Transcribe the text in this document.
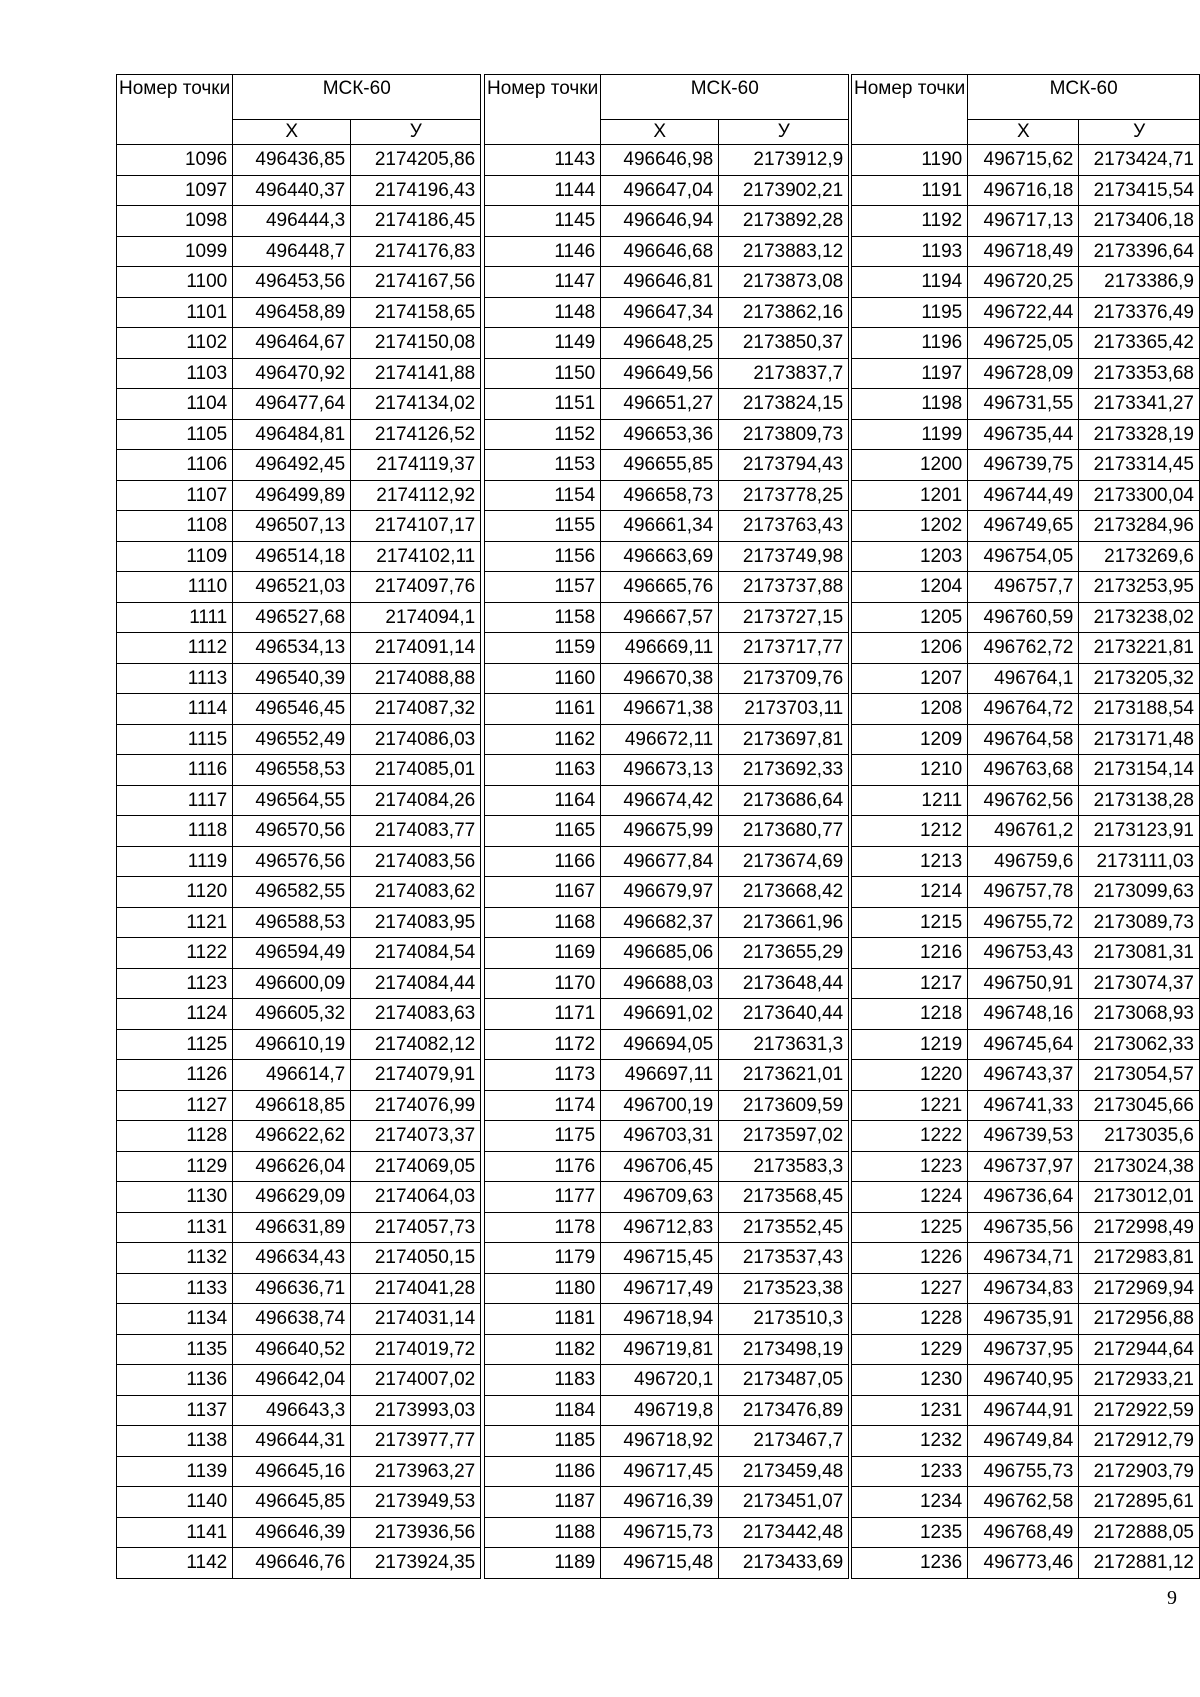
Номер точки	МСК-60	
	Х	У
1096	496436,85	2174205,86
1097	496440,37	2174196,43
1098	496444,3	2174186,45
1099	496448,7	2174176,83
1100	496453,56	2174167,56
1101	496458,89	2174158,65
1102	496464,67	2174150,08
1103	496470,92	2174141,88
1104	496477,64	2174134,02
1105	496484,81	2174126,52
1106	496492,45	2174119,37
1107	496499,89	2174112,92
1108	496507,13	2174107,17
1109	496514,18	2174102,11
1110	496521,03	2174097,76
1111	496527,68	2174094,1
1112	496534,13	2174091,14
1113	496540,39	2174088,88
1114	496546,45	2174087,32
1115	496552,49	2174086,03
1116	496558,53	2174085,01
1117	496564,55	2174084,26
1118	496570,56	2174083,77
1119	496576,56	2174083,56
1120	496582,55	2174083,62
1121	496588,53	2174083,95
1122	496594,49	2174084,54
1123	496600,09	2174084,44
1124	496605,32	2174083,63
1125	496610,19	2174082,12
1126	496614,7	2174079,91
1127	496618,85	2174076,99
1128	496622,62	2174073,37
1129	496626,04	2174069,05
1130	496629,09	2174064,03
1131	496631,89	2174057,73
1132	496634,43	2174050,15
1133	496636,71	2174041,28
1134	496638,74	2174031,14
1135	496640,52	2174019,72
1136	496642,04	2174007,02
1137	496643,3	2173993,03
1138	496644,31	2173977,77
1139	496645,16	2173963,27
1140	496645,85	2173949,53
1141	496646,39	2173936,56
1142	496646,76	2173924,35
Номер точки	МСК-60	
	Х	У
1143	496646,98	2173912,9
1144	496647,04	2173902,21
1145	496646,94	2173892,28
1146	496646,68	2173883,12
1147	496646,81	2173873,08
1148	496647,34	2173862,16
1149	496648,25	2173850,37
1150	496649,56	2173837,7
1151	496651,27	2173824,15
1152	496653,36	2173809,73
1153	496655,85	2173794,43
1154	496658,73	2173778,25
1155	496661,34	2173763,43
1156	496663,69	2173749,98
1157	496665,76	2173737,88
1158	496667,57	2173727,15
1159	496669,11	2173717,77
1160	496670,38	2173709,76
1161	496671,38	2173703,11
1162	496672,11	2173697,81
1163	496673,13	2173692,33
1164	496674,42	2173686,64
1165	496675,99	2173680,77
1166	496677,84	2173674,69
1167	496679,97	2173668,42
1168	496682,37	2173661,96
1169	496685,06	2173655,29
1170	496688,03	2173648,44
1171	496691,02	2173640,44
1172	496694,05	2173631,3
1173	496697,11	2173621,01
1174	496700,19	2173609,59
1175	496703,31	2173597,02
1176	496706,45	2173583,3
1177	496709,63	2173568,45
1178	496712,83	2173552,45
1179	496715,45	2173537,43
1180	496717,49	2173523,38
1181	496718,94	2173510,3
1182	496719,81	2173498,19
1183	496720,1	2173487,05
1184	496719,8	2173476,89
1185	496718,92	2173467,7
1186	496717,45	2173459,48
1187	496716,39	2173451,07
1188	496715,73	2173442,48
1189	496715,48	2173433,69
Номер точки	МСК-60	
	Х	У
1190	496715,62	2173424,71
1191	496716,18	2173415,54
1192	496717,13	2173406,18
1193	496718,49	2173396,64
1194	496720,25	2173386,9
1195	496722,44	2173376,49
1196	496725,05	2173365,42
1197	496728,09	2173353,68
1198	496731,55	2173341,27
1199	496735,44	2173328,19
1200	496739,75	2173314,45
1201	496744,49	2173300,04
1202	496749,65	2173284,96
1203	496754,05	2173269,6
1204	496757,7	2173253,95
1205	496760,59	2173238,02
1206	496762,72	2173221,81
1207	496764,1	2173205,32
1208	496764,72	2173188,54
1209	496764,58	2173171,48
1210	496763,68	2173154,14
1211	496762,56	2173138,28
1212	496761,2	2173123,91
1213	496759,6	2173111,03
1214	496757,78	2173099,63
1215	496755,72	2173089,73
1216	496753,43	2173081,31
1217	496750,91	2173074,37
1218	496748,16	2173068,93
1219	496745,64	2173062,33
1220	496743,37	2173054,57
1221	496741,33	2173045,66
1222	496739,53	2173035,6
1223	496737,97	2173024,38
1224	496736,64	2173012,01
1225	496735,56	2172998,49
1226	496734,71	2172983,81
1227	496734,83	2172969,94
1228	496735,91	2172956,88
1229	496737,95	2172944,64
1230	496740,95	2172933,21
1231	496744,91	2172922,59
1232	496749,84	2172912,79
1233	496755,73	2172903,79
1234	496762,58	2172895,61
1235	496768,49	2172888,05
1236	496773,46	2172881,12
9
